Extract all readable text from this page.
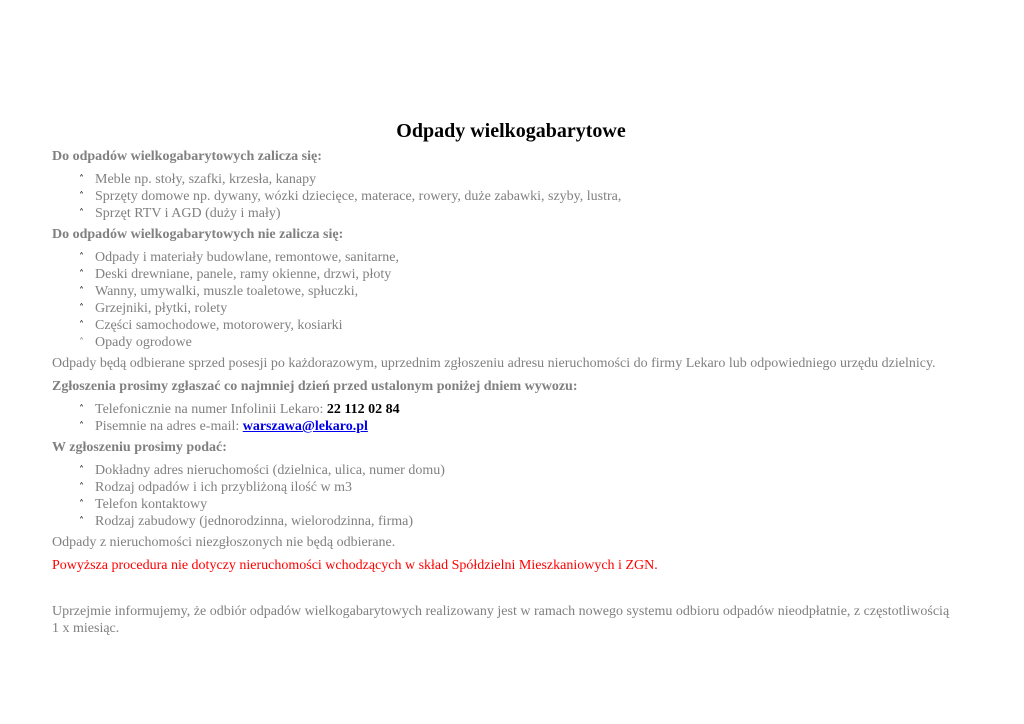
Odpady wielkogabarytowe

Do odpadów wielkogabarytowych zalicza się:

˄ Meble np. stoły, szafki, krzesła, kanapy
˄ Sprzęty domowe np. dywany, wózki dziecięce, materace, rowery, duże zabawki, szyby, lustra,
˄ Sprzęt RTV i AGD (duży i mały)

Do odpadów wielkogabarytowych nie zalicza się:

˄ Odpady i materiały budowlane, remontowe, sanitarne,
˄ Deski drewniane, panele, ramy okienne, drzwi, płoty
˄ Wanny, umywalki, muszle toaletowe, spłuczki,
˄ Grzejniki, płytki, rolety
˄ Części samochodowe, motorowery, kosiarki
˄ Opady ogrodowe

Odpady będą odbierane sprzed posesji po każdorazowym, uprzednim zgłoszeniu adresu nieruchomości do firmy Lekaro lub odpowiedniego urzędu dzielnicy.

Zgłoszenia prosimy zgłaszać co najmniej dzień przed ustalonym poniżej dniem wywozu:

˄ Telefonicznie na numer Infolinii Lekaro: 22 112 02 84
˄ Pisemnie na adres e-mail: warszawa@lekaro.pl

W zgłoszeniu prosimy podać:

˄ Dokładny adres nieruchomości (dzielnica, ulica, numer domu)
˄ Rodzaj odpadów i ich przybliżoną ilość w m3
˄ Telefon kontaktowy
˄ Rodzaj zabudowy (jednorodzinna, wielorodzinna, firma)

Odpady z nieruchomości niezgłoszonych nie będą odbierane.

Powyższa procedura nie dotyczy nieruchomości wchodzących w skład Spółdzielni Mieszkaniowych i ZGN.

Uprzejmie informujemy, że odbiór odpadów wielkogabarytowych realizowany jest w ramach nowego systemu odbioru odpadów nieodpłatnie, z częstotliwością 1 x miesiąc.
